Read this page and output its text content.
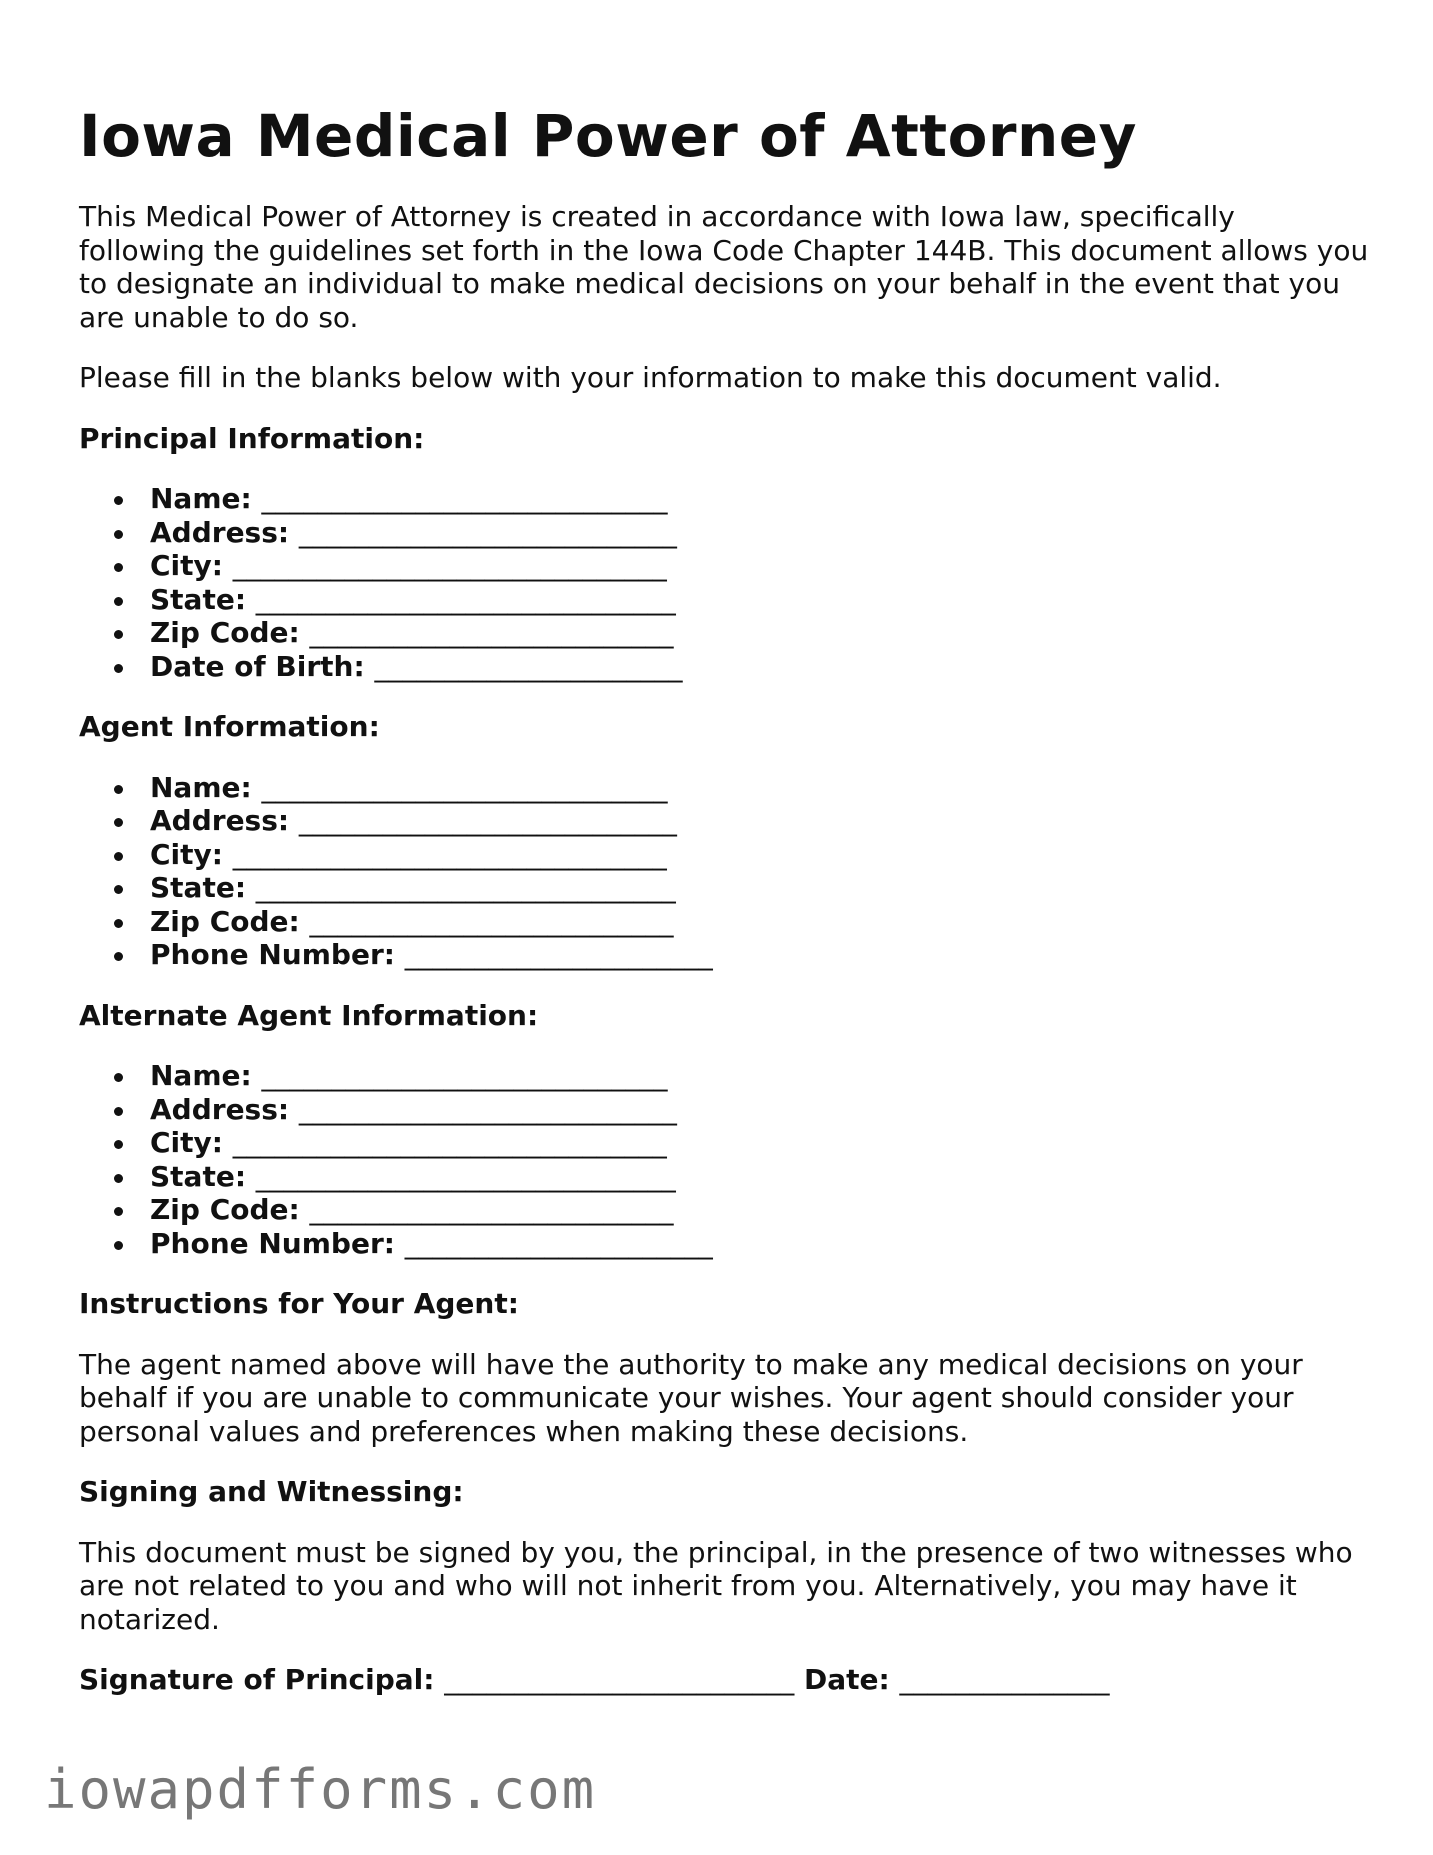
Iowa Medical Power of Attorney

This Medical Power of Attorney is created in accordance with Iowa law, specifically following the guidelines set forth in the Iowa Code Chapter 144B. This document allows you to designate an individual to make medical decisions on your behalf in the event that you are unable to do so.

Please fill in the blanks below with your information to make this document valid.

Principal Information:
Name: _____________________________
Address: ___________________________
City: _______________________________
State: ______________________________
Zip Code: __________________________
Date of Birth: ______________________
Agent Information:
Name: _____________________________
Address: ___________________________
City: _______________________________
State: ______________________________
Zip Code: __________________________
Phone Number: ______________________
Alternate Agent Information:
Name: _____________________________
Address: ___________________________
City: _______________________________
State: ______________________________
Zip Code: __________________________
Phone Number: ______________________
Instructions for Your Agent:

The agent named above will have the authority to make any medical decisions on your behalf if you are unable to communicate your wishes. Your agent should consider your personal values and preferences when making these decisions.

Signing and Witnessing:

This document must be signed by you, the principal, in the presence of two witnesses who are not related to you and who will not inherit from you. Alternatively, you may have it notarized.

Signature of Principal: _________________________ Date: _______________
iowapdfforms.com
